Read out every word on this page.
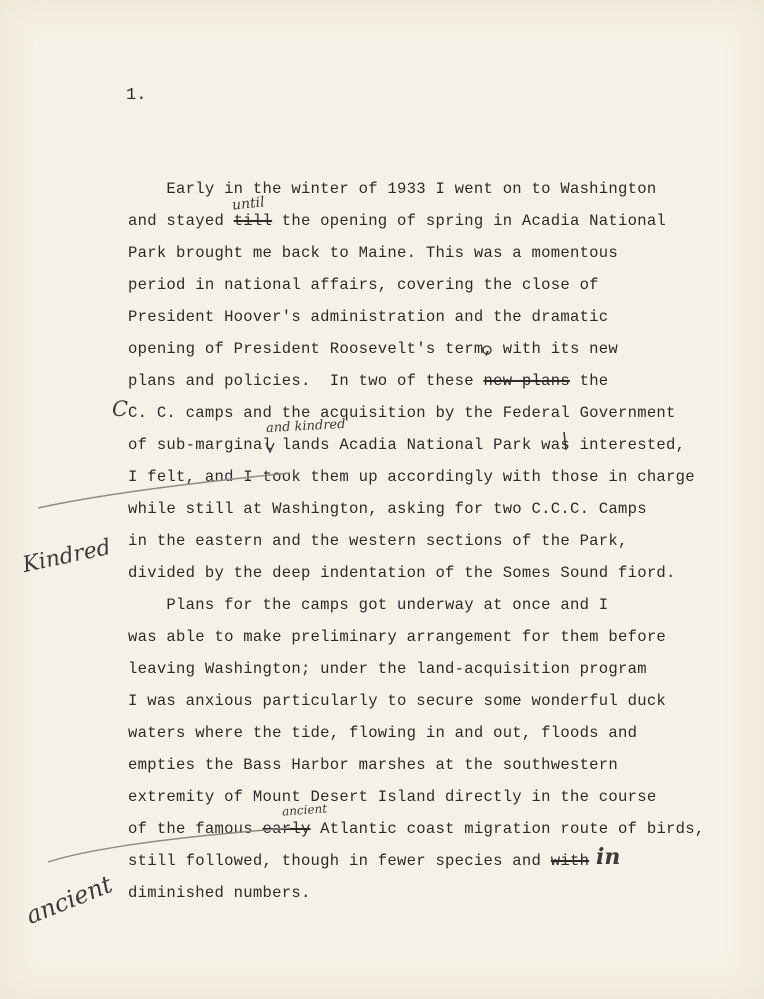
1.
Early in the winter of 1933 I went on to Washington
and stayed till the opening of spring in Acadia National
Park brought me back to Maine. This was a momentous
period in national affairs, covering the close of
President Hoover's administration and the dramatic
opening of President Roosevelt's term, with its new
plans and policies.  In two of these new plans the
C. C. camps and the acquisition by the Federal Government
of sub-marginal lands Acadia National Park was interested,
I felt, and I took them up accordingly with those in charge
while still at Washington, asking for two C.C.C. Camps
in the eastern and the western sections of the Park,
divided by the deep indentation of the Somes Sound fiord.
Plans for the camps got underway at once and I
was able to make preliminary arrangement for them before
leaving Washington; under the land-acquisition program
I was anxious particularly to secure some wonderful duck
waters where the tide, flowing in and out, floods and
empties the Bass Harbor marshes at the southwestern
extremity of Mount Desert Island directly in the course
of the famous early Atlantic coast migration route of birds,
still followed, though in fewer species and with
diminished numbers.
until
and kindred
C
in
ancient
Kindred
ancient
